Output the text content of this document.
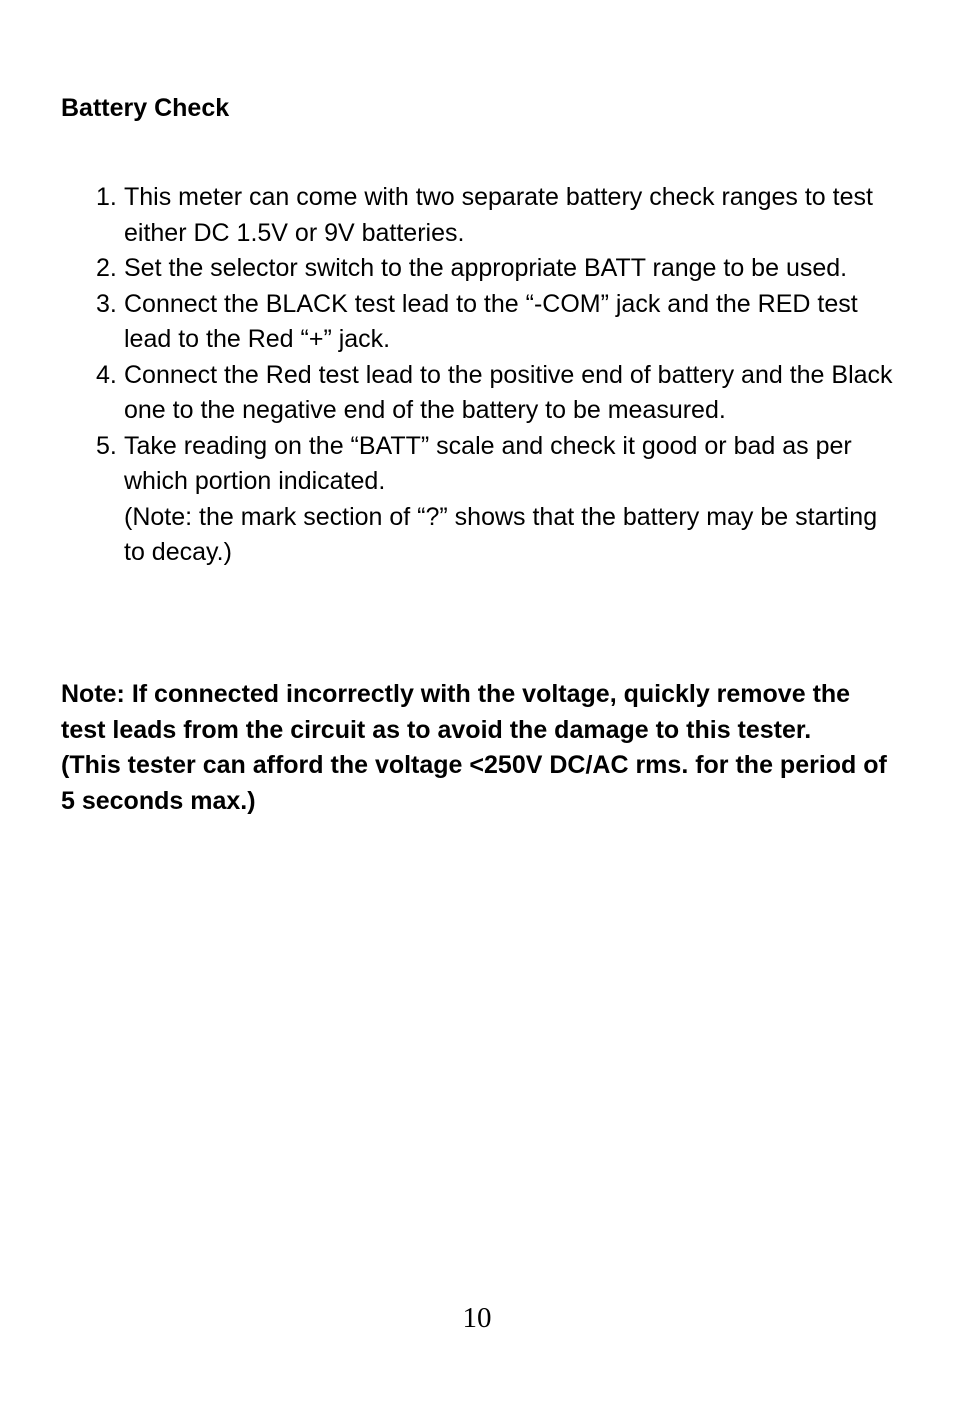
Battery Check
1. This meter can come with two separate battery check ranges to test either DC 1.5V or 9V batteries.
2. Set the selector switch to the appropriate BATT range to be used.
3. Connect the BLACK test lead to the “-COM” jack and the RED test lead to the Red “+” jack.
4. Connect the Red test lead to the positive end of battery and the Black one to the negative end of the battery to be measured.
5. Take reading on the “BATT” scale and check it good or bad as per which portion indicated.
(Note: the mark section of “?” shows that the battery may be starting to decay.)

Note: If connected incorrectly with the voltage, quickly remove the test leads from the circuit as to avoid the damage to this tester.

(This tester can afford the voltage <250V DC/AC rms. for the period of 5 seconds max.)

10
